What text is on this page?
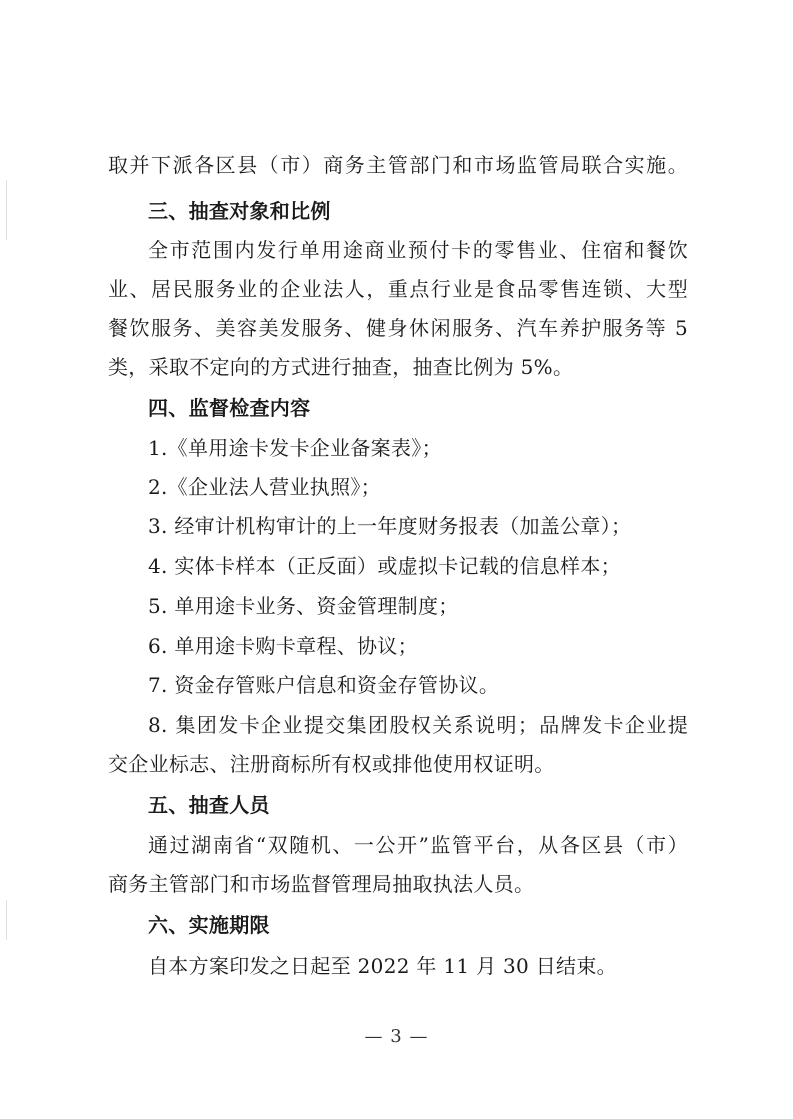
取并下派各区县（市）商务主管部门和市场监管局联合实施。
三、抽查对象和比例
全市范围内发行单用途商业预付卡的零售业、住宿和餐饮
业、居民服务业的企业法人，重点行业是食品零售连锁、大型
餐饮服务、美容美发服务、健身休闲服务、汽车养护服务等 5
类，采取不定向的方式进行抽查，抽查比例为 5%。
四、监督检查内容
1.《单用途卡发卡企业备案表》；
2.《企业法人营业执照》；
3. 经审计机构审计的上一年度财务报表（加盖公章）；
4. 实体卡样本（正反面）或虚拟卡记载的信息样本；
5. 单用途卡业务、资金管理制度；
6. 单用途卡购卡章程、协议；
7. 资金存管账户信息和资金存管协议。
8. 集团发卡企业提交集团股权关系说明；品牌发卡企业提
交企业标志、注册商标所有权或排他使用权证明。
五、抽查人员
通过湖南省“双随机、一公开”监管平台，从各区县（市）
商务主管部门和市场监督管理局抽取执法人员。
六、实施期限
自本方案印发之日起至 2022 年 11 月 30 日结束。
— 3 —
